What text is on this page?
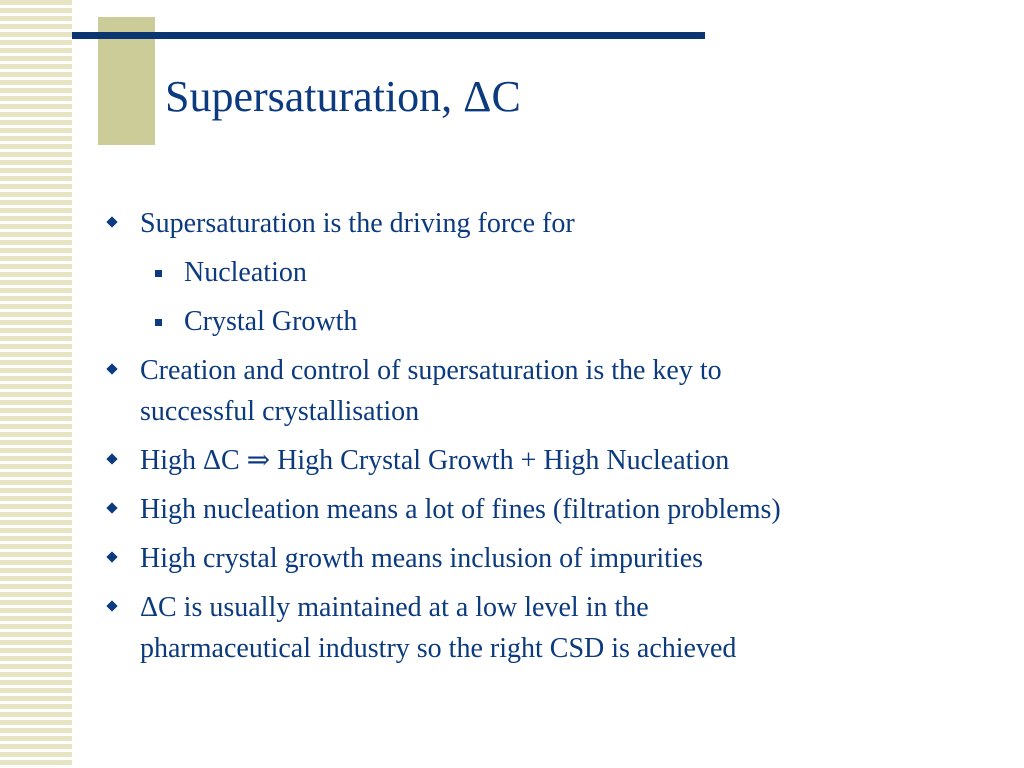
Supersaturation, ΔC
Supersaturation is the driving force for
Nucleation
Crystal Growth
Creation and control of supersaturation is the key to
successful crystallisation
High ΔC ⇒ High Crystal Growth + High Nucleation
High nucleation means a lot of fines (filtration problems)
High crystal growth means inclusion of impurities
ΔC is usually maintained at a low level in the
pharmaceutical industry so the right CSD is achieved
